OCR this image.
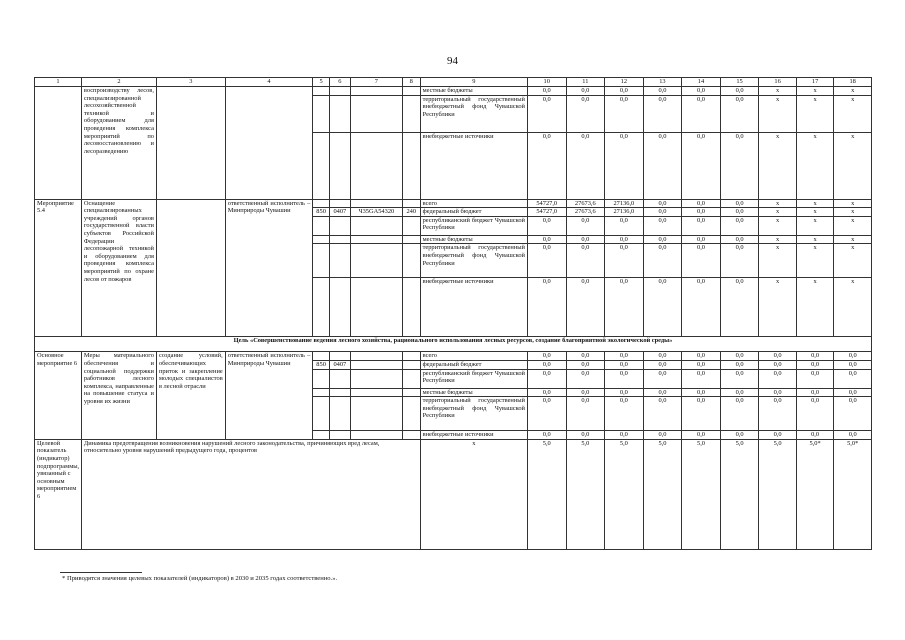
94
1	2	3	4	5	6	7	8	9	10	11	12	13	14	15	16	17	18
	воспроизводству лесов, специализированной лесохозяйственной техникой и оборудованием для проведения комплекса мероприятий по лесовосстановлению и лесоразведению							местные бюджеты	0,0	0,0	0,0	0,0	0,0	0,0	x	x	x
								территориальный государственный внебюджетный фонд Чувашской Республики	0,0	0,0	0,0	0,0	0,0	0,0	x	x	x
								внебюджетные источники	0,0	0,0	0,0	0,0	0,0	0,0	x	x	x
Мероприятие 5.4	Оснащение специализированных учреждений органов государственной власти субъектов Российской Федерации лесопожарной техникой и оборудованием для проведения комплекса мероприятий по охране лесов от пожаров		ответственный исполнитель – Минприроды Чувашии					всего	54727,0	27673,6	27136,0	0,0	0,0	0,0	x	x	x
				850	0407	Ч35GA54320	240	федеральный бюджет	54727,0	27673,6	27136,0	0,0	0,0	0,0	x	x	x
								республиканский бюджет Чувашской Республики	0,0	0,0	0,0	0,0	0,0	0,0	x	x	x
								местные бюджеты	0,0	0,0	0,0	0,0	0,0	0,0	x	x	x
								территориальный государственный внебюджетный фонд Чувашской Республики	0,0	0,0	0,0	0,0	0,0	0,0	x	x	x
								внебюджетные источники	0,0	0,0	0,0	0,0	0,0	0,0	x	x	x
Цель «Совершенствование ведения лесного хозяйства, рационального использования лесных ресурсов, создание благоприятной экологической среды»																	
Основное мероприятие 6	Меры материального обеспечения и социальной поддержки работников лесного комплекса, направленные на повышение статуса и уровня их жизни	создание условий, обеспечивающих приток и закрепление молодых специалистов в лесной отрасли	ответственный исполнитель – Минприроды Чувашии					всего	0,0	0,0	0,0	0,0	0,0	0,0	0,0	0,0	0,0
				850	0407			федеральный бюджет	0,0	0,0	0,0	0,0	0,0	0,0	0,0	0,0	0,0
								республиканский бюджет Чувашской Республики	0,0	0,0	0,0	0,0	0,0	0,0	0,0	0,0	0,0
								местные бюджеты	0,0	0,0	0,0	0,0	0,0	0,0	0,0	0,0	0,0
								территориальный государственный внебюджетный фонд Чувашской Республики	0,0	0,0	0,0	0,0	0,0	0,0	0,0	0,0	0,0
								внебюджетные источники	0,0	0,0	0,0	0,0	0,0	0,0	0,0	0,0	0,0
Целевой показатель (индикатор) подпрограммы, увязанный с основным мероприятием 6	Динамика предотвращения возникновения нарушений лесного законодательства, причиняющих вред лесам, относительно уровня нарушений предыдущего года, процентов							x	5,0	5,0	5,0	5,0	5,0	5,0	5,0	5,0*	5,0*
* Приводятся значения целевых показателей (индикаторов) в 2030 и 2035 годах соответственно.».
